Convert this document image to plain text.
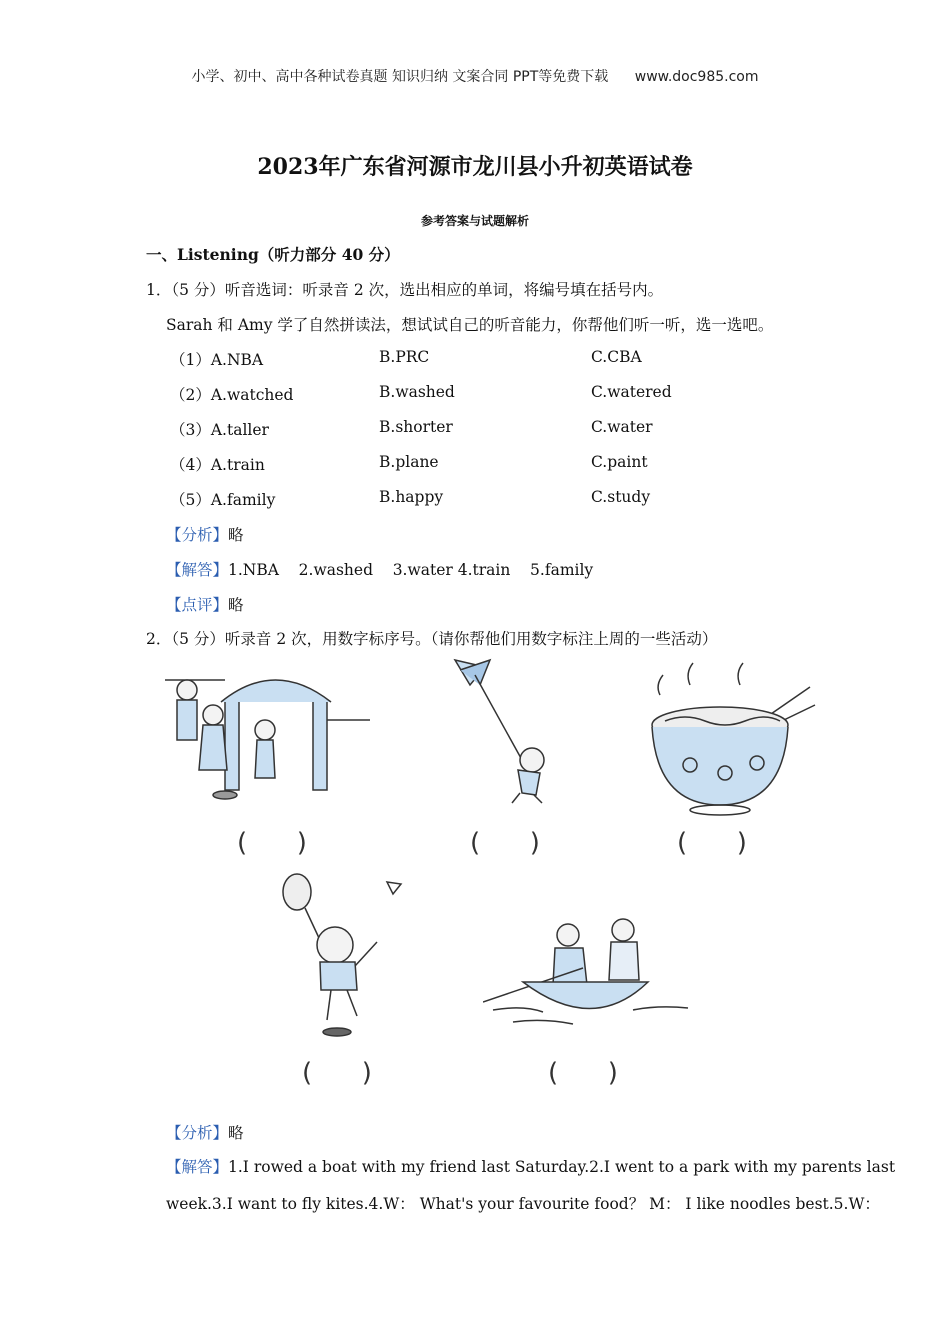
小学、初中、高中各种试卷真题 知识归纳 文案合同 PPT等免费下载 www.doc985.com
2023年广东省河源市龙川县小升初英语试卷
参考答案与试题解析
一、Listening（听力部分 40 分）
1．（5 分）听音选词：听录音 2 次，选出相应的单词，将编号填在括号内。
Sarah 和 Amy 学了自然拼读法，想试试自己的听音能力，你帮他们听一听，选一选吧。
（1）A.NBA	B.PRC	C.CBA
（2）A.watched	B.washed	C.watered
（3）A.taller	B.shorter	C.water
（4）A.train	B.plane	C.paint
（5）A.family	B.happy	C.study
【分析】略
【解答】1.NBA    2.washed    3.water 4.train    5.family
【点评】略
2．（5 分）听录音 2 次，用数字标序号。（请你帮他们用数字标注上周的一些活动）
(      )	(      )	(      )
(      )	(      )
【分析】略
【解答】1.I rowed a boat with my friend last Saturday.2.I went to a park with my parents last
week.3.I want to fly kites.4.W： What's your favourite food？ M： I like noodles best.5.W：
